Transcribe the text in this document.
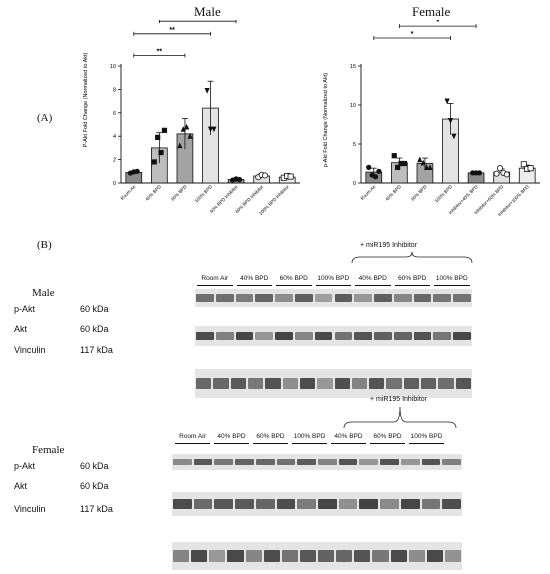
(A)
Male	Female
P-Akt Fold Change (Normalized to Akt)
0
2
4
6
8
10
Room Air 40% BPD 60% BPD 100% BPD
40% BPD Inhibitor
60% BPD Inhibitor
100% BPD Inhibitor
**
**
p-Akt Fold Change (Normalized to Akt)
0
5
10
15
Room Air 40% BPD 60% BPD 100% BPD
Inhibitor+40% BPD
Inhibitor+60% BPD
Inhibitor+100% BPD
*
*
(B)
Male
p-Akt	60 kDa
Akt	60 kDa
Vinculin	117 kDa
+ miR195 Inhibitor
Room Air	40% BPD	60% BPD	100% BPD	40% BPD	60% BPD	100% BPD
Female
p-Akt	60 kDa
Akt	60 kDa
Vinculin	117 kDa
+ miR195 Inhibitor
Room Air	40% BPD	60% BPD	100% BPD	40% BPD	60% BPD	100% BPD
